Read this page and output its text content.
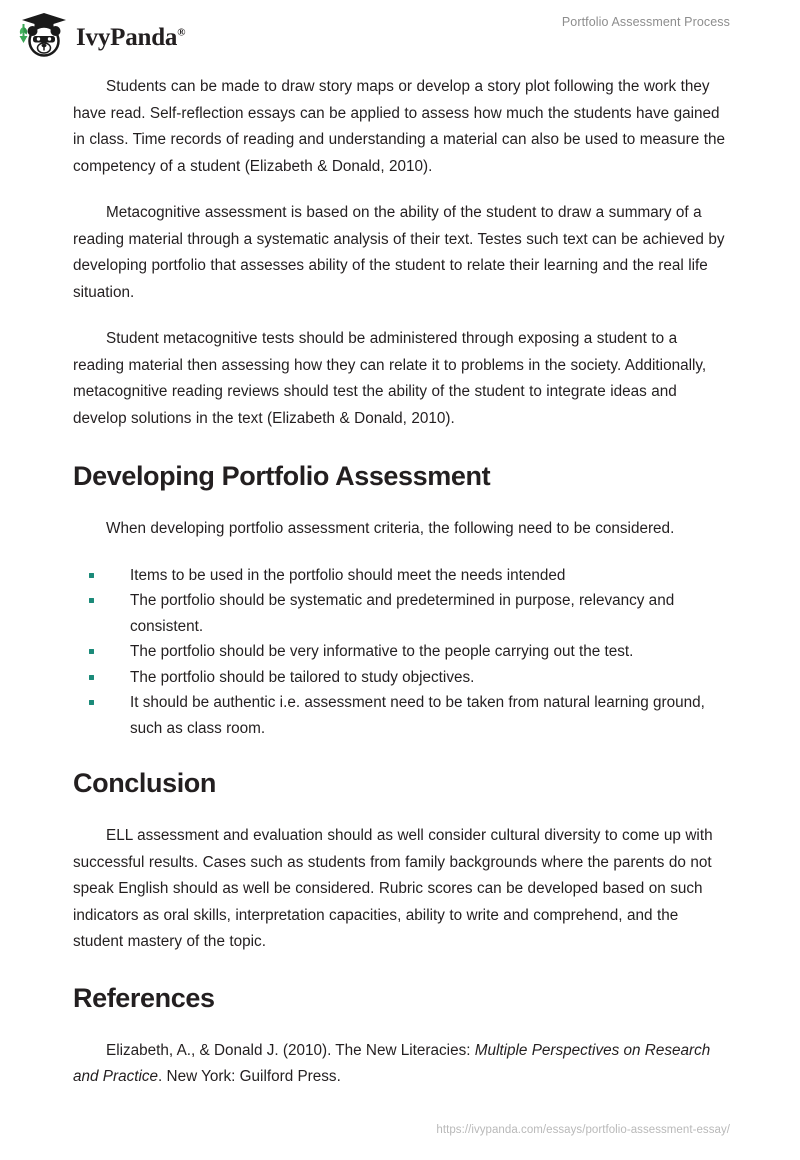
IvyPanda®
Portfolio Assessment Process

Students can be made to draw story maps or develop a story plot following the work they have read. Self-reflection essays can be applied to assess how much the students have gained in class. Time records of reading and understanding a material can also be used to measure the competency of a student (Elizabeth & Donald, 2010).

Metacognitive assessment is based on the ability of the student to draw a summary of a reading material through a systematic analysis of their text. Testes such text can be achieved by developing portfolio that assesses ability of the student to relate their learning and the real life situation.

Student metacognitive tests should be administered through exposing a student to a reading material then assessing how they can relate it to problems in the society. Additionally, metacognitive reading reviews should test the ability of the student to integrate ideas and develop solutions in the text (Elizabeth & Donald, 2010).

Developing Portfolio Assessment

When developing portfolio assessment criteria, the following need to be considered.

Items to be used in the portfolio should meet the needs intended
The portfolio should be systematic and predetermined in purpose, relevancy and consistent.
The portfolio should be very informative to the people carrying out the test.
The portfolio should be tailored to study objectives.
It should be authentic i.e. assessment need to be taken from natural learning ground, such as class room.
Conclusion

ELL assessment and evaluation should as well consider cultural diversity to come up with successful results. Cases such as students from family backgrounds where the parents do not speak English should as well be considered. Rubric scores can be developed based on such indicators as oral skills, interpretation capacities, ability to write and comprehend, and the student mastery of the topic.

References

Elizabeth, A., & Donald J. (2010). The New Literacies: Multiple Perspectives on Research and Practice. New York: Guilford Press.

https://ivypanda.com/essays/portfolio-assessment-essay/
